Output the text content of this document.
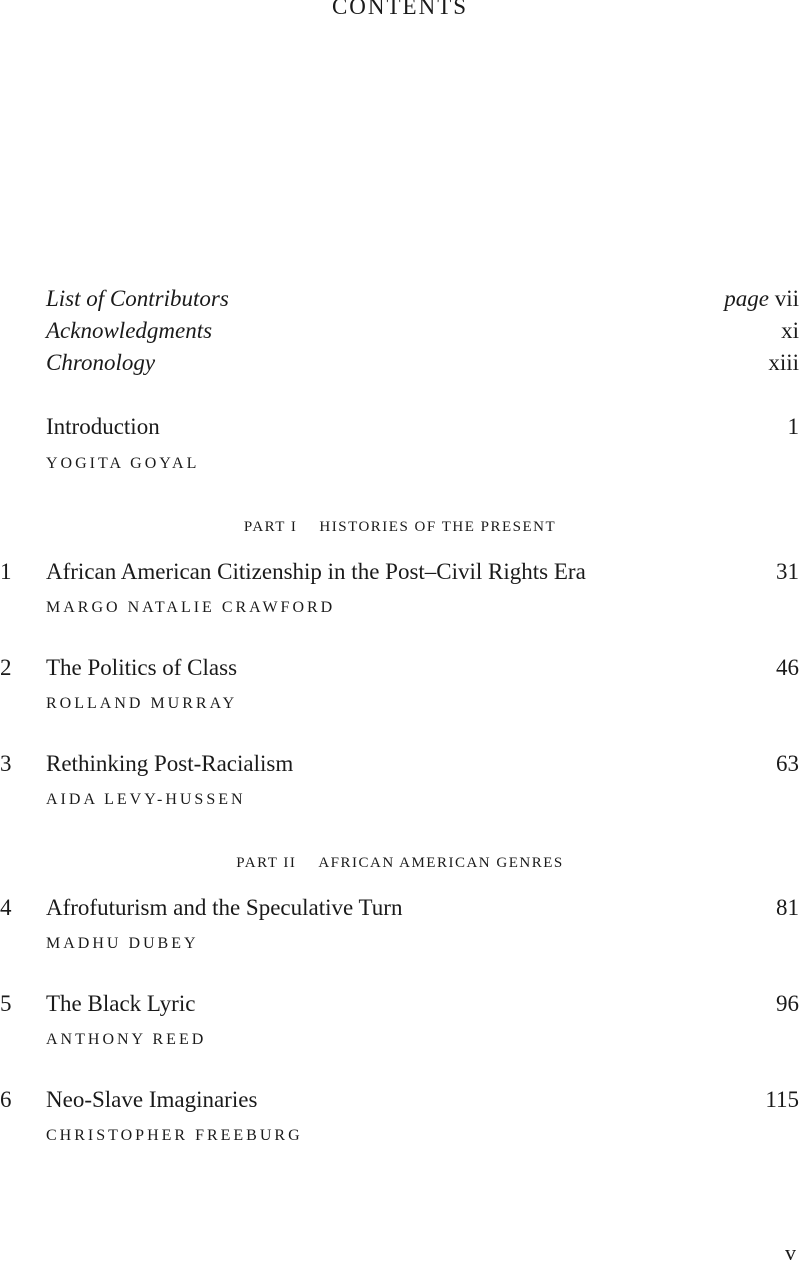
CONTENTS
List of Contributors	page vii
Acknowledgments	xi
Chronology	xiii
Introduction	1
YOGITA GOYAL
PART I HISTORIES OF THE PRESENT
1 African American Citizenship in the Post–Civil Rights Era	31
MARGO NATALIE CRAWFORD
2 The Politics of Class	46
ROLLAND MURRAY
3 Rethinking Post-Racialism	63
AIDA LEVY-HUSSEN
PART II AFRICAN AMERICAN GENRES
4 Afrofuturism and the Speculative Turn	81
MADHU DUBEY
5 The Black Lyric	96
ANTHONY REED
6 Neo-Slave Imaginaries	115
CHRISTOPHER FREEBURG
v
